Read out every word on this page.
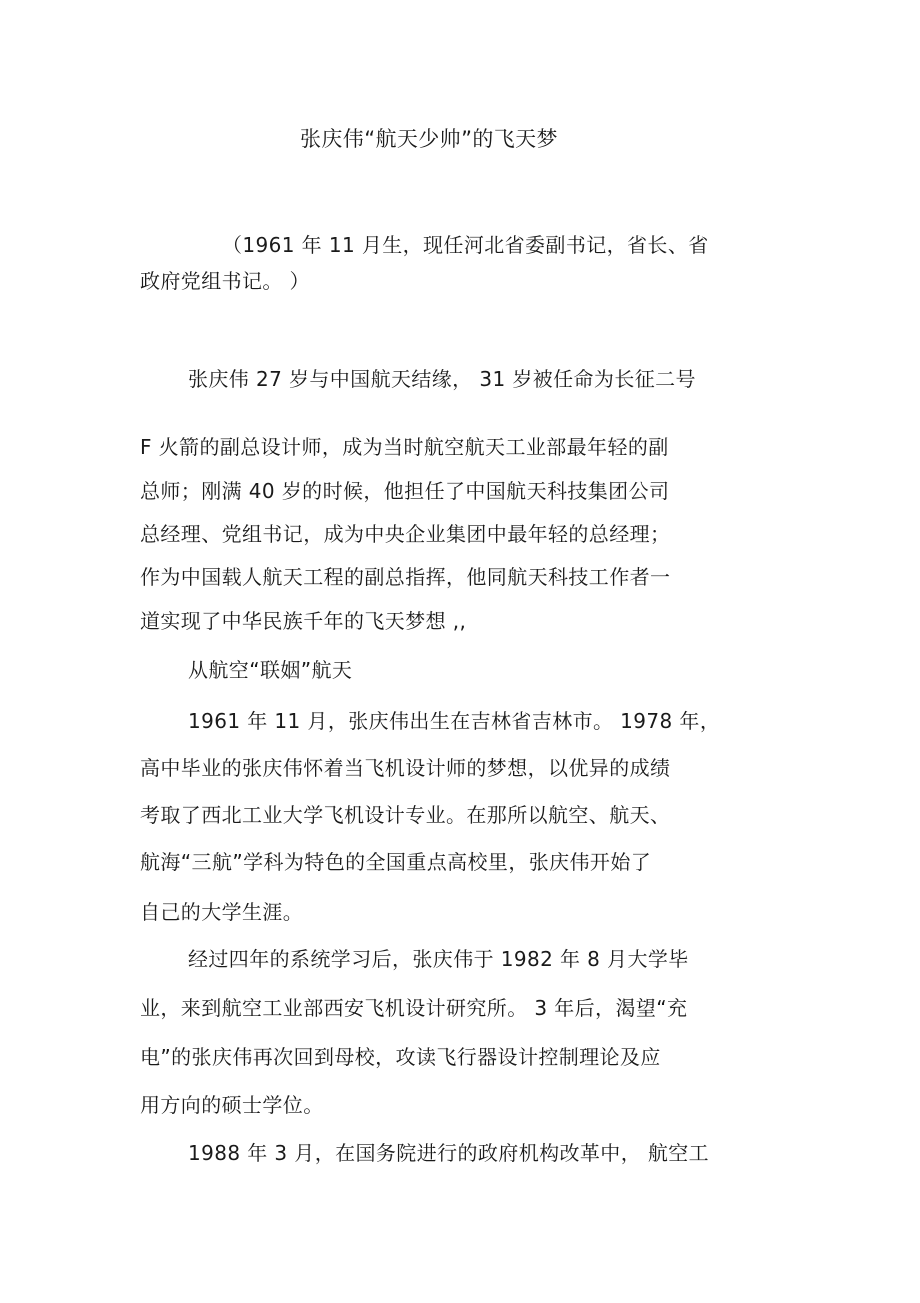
张庆伟“航天少帅”的飞天梦
（1961 年 11 月生，现任河北省委副书记，省长、省
政府党组书记。 ）
张庆伟 27 岁与中国航天结缘， 31 岁被任命为长征二号
F 火箭的副总设计师，成为当时航空航天工业部最年轻的副
总师；刚满 40 岁的时候，他担任了中国航天科技集团公司
总经理、党组书记，成为中央企业集团中最年轻的总经理；
作为中国载人航天工程的副总指挥，他同航天科技工作者一
道实现了中华民族千年的飞天梦想 ,,
从航空“联姻”航天
1961 年 11 月，张庆伟出生在吉林省吉林市。 1978 年，
高中毕业的张庆伟怀着当飞机设计师的梦想，以优异的成绩
考取了西北工业大学飞机设计专业。在那所以航空、航天、
航海“三航”学科为特色的全国重点高校里，张庆伟开始了
自己的大学生涯。
经过四年的系统学习后，张庆伟于 1982 年 8 月大学毕
业，来到航空工业部西安飞机设计研究所。 3 年后，渴望“充
电”的张庆伟再次回到母校，攻读飞行器设计控制理论及应
用方向的硕士学位。
1988 年 3 月，在国务院进行的政府机构改革中， 航空工
